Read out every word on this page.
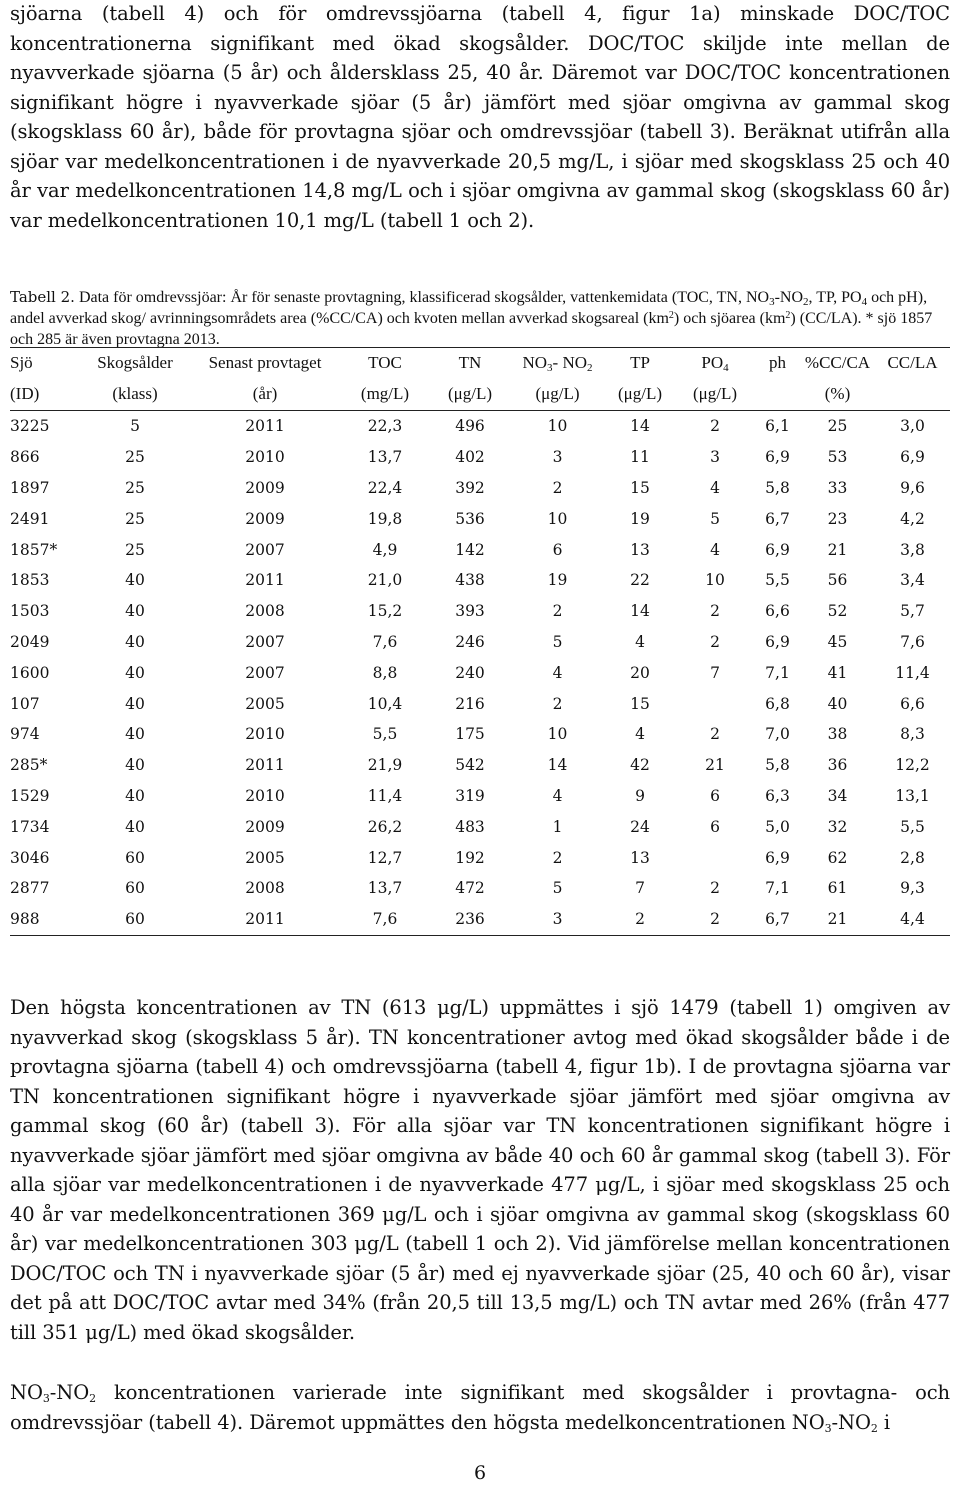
sjöarna (tabell 4) och för omdrevssjöarna (tabell 4, figur 1a) minskade DOC/TOC koncentrationerna signifikant med ökad skogsålder. DOC/TOC skiljde inte mellan de nyavverkade sjöarna (5 år) och åldersklass 25, 40 år. Däremot var DOC/TOC koncentrationen signifikant högre i nyavverkade sjöar (5 år) jämfört med sjöar omgivna av gammal skog (skogsklass 60 år), både för provtagna sjöar och omdrevssjöar (tabell 3). Beräknat utifrån alla sjöar var medelkoncentrationen i de nyavverkade 20,5 mg/L, i sjöar med skogsklass 25 och 40 år var medelkoncentrationen 14,8 mg/L och i sjöar omgivna av gammal skog (skogsklass 60 år) var medelkoncentrationen 10,1 mg/L (tabell 1 och 2).

Tabell 2. Data för omdrevssjöar: År för senaste provtagning, klassificerad skogsålder, vattenkemidata (TOC, TN, $NO_3-NO_2$, TP, $PO_4$ och pH), andel avverkad skog/ avrinningsområdets area (%CC/CA) och kvoten mellan avverkad skogsareal $(km^2)$ och sjöarea $(km^2)$ (CC/LA). * sjö 1857 och 285 är även provtagna 2013.

Sjö	Skogsålder	Senast provtaget	TOC	TN	$NO_3-$ $NO_2$	TP	$PO_4$	ph	%CC/CA	CC/LA
(ID)	(klass)	(år)	(mg/L)	(μg/L)	(μg/L)	(μg/L)	(μg/L)		(%)	
3225	5	2011	22,3	496	10	14	2	6,1	25	3,0
866	25	2010	13,7	402	3	11	3	6,9	53	6,9
1897	25	2009	22,4	392	2	15	4	5,8	33	9,6
2491	25	2009	19,8	536	10	19	5	6,7	23	4,2
1857*	25	2007	4,9	142	6	13	4	6,9	21	3,8
1853	40	2011	21,0	438	19	22	10	5,5	56	3,4
1503	40	2008	15,2	393	2	14	2	6,6	52	5,7
2049	40	2007	7,6	246	5	4	2	6,9	45	7,6
1600	40	2007	8,8	240	4	20	7	7,1	41	11,4
107	40	2005	10,4	216	2	15		6,8	40	6,6
974	40	2010	5,5	175	10	4	2	7,0	38	8,3
285*	40	2011	21,9	542	14	42	21	5,8	36	12,2
1529	40	2010	11,4	319	4	9	6	6,3	34	13,1
1734	40	2009	26,2	483	1	24	6	5,0	32	5,5
3046	60	2005	12,7	192	2	13		6,9	62	2,8
2877	60	2008	13,7	472	5	7	2	7,1	61	9,3
988	60	2011	7,6	236	3	2	2	6,7	21	4,4

Den högsta koncentrationen av TN (613 μg/L) uppmättes i sjö 1479 (tabell 1) omgiven av nyavverkad skog (skogsklass 5 år). TN koncentrationer avtog med ökad skogsålder både i de provtagna sjöarna (tabell 4) och omdrevssjöarna (tabell 4, figur 1b). I de provtagna sjöarna var TN koncentrationen signifikant högre i nyavverkade sjöar jämfört med sjöar omgivna av gammal skog (60 år) (tabell 3). För alla sjöar var TN koncentrationen signifikant högre i nyavverkade sjöar jämfört med sjöar omgivna av både 40 och 60 år gammal skog (tabell 3). För alla sjöar var medelkoncentrationen i de nyavverkade 477 μg/L, i sjöar med skogsklass 25 och 40 år var medelkoncentrationen 369 μg/L och i sjöar omgivna av gammal skog (skogsklass 60 år) var medelkoncentrationen 303 μg/L (tabell 1 och 2). Vid jämförelse mellan koncentrationen DOC/TOC och TN i nyavverkade sjöar (5 år) med ej nyavverkade sjöar (25, 40 och 60 år), visar det på att DOC/TOC avtar med 34% (från 20,5 till 13,5 mg/L) och TN avtar med 26% (från 477 till 351 μg/L) med ökad skogsålder.

$NO_3-NO_2$ koncentrationen varierade inte signifikant med skogsålder i provtagna- och omdrevssjöar (tabell 4). Däremot uppmättes den högsta medelkoncentrationen $NO_3-NO_2$ i

6
